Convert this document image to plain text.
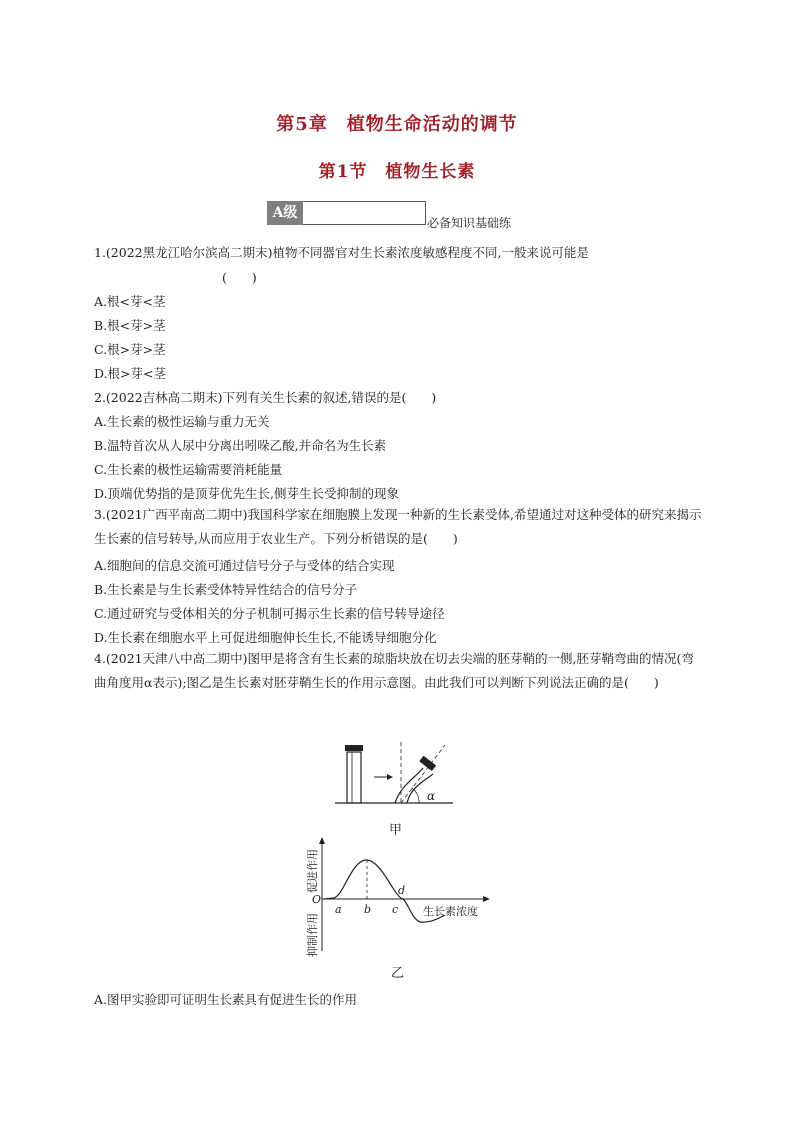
第5章　植物生命活动的调节
第1节　植物生长素
A级
必备知识基础练
1.(2022黑龙江哈尔滨高二期末)植物不同器官对生长素浓度敏感程度不同,一般来说可能是
(　　)
A.根<芽<茎
B.根<芽>茎
C.根>芽>茎
D.根>芽<茎
2.(2022吉林高二期末)下列有关生长素的叙述,错误的是(　　)
A.生长素的极性运输与重力无关
B.温特首次从人尿中分离出吲哚乙酸,并命名为生长素
C.生长素的极性运输需要消耗能量
D.顶端优势指的是顶芽优先生长,侧芽生长受抑制的现象
3.(2021广西平南高二期中)我国科学家在细胞膜上发现一种新的生长素受体,希望通过对这种受体的研究来揭示生长素的信号转导,从而应用于农业生产。下列分析错误的是(　　)
A.细胞间的信息交流可通过信号分子与受体的结合实现
B.生长素是与生长素受体特异性结合的信号分子
C.通过研究与受体相关的分子机制可揭示生长素的信号转导途径
D.生长素在细胞水平上可促进细胞伸长生长,不能诱导细胞分化
4.(2021天津八中高二期中)图甲是将含有生长素的琼脂块放在切去尖端的胚芽鞘的一侧,胚芽鞘弯曲的情况(弯曲角度用α表示);图乙是生长素对胚芽鞘生长的作用示意图。由此我们可以判断下列说法正确的是(　　)
A.图甲实验即可证明生长素具有促进生长的作用
α
甲
O
a b c
d
生长素浓度
促进作用
抑制作用
乙
